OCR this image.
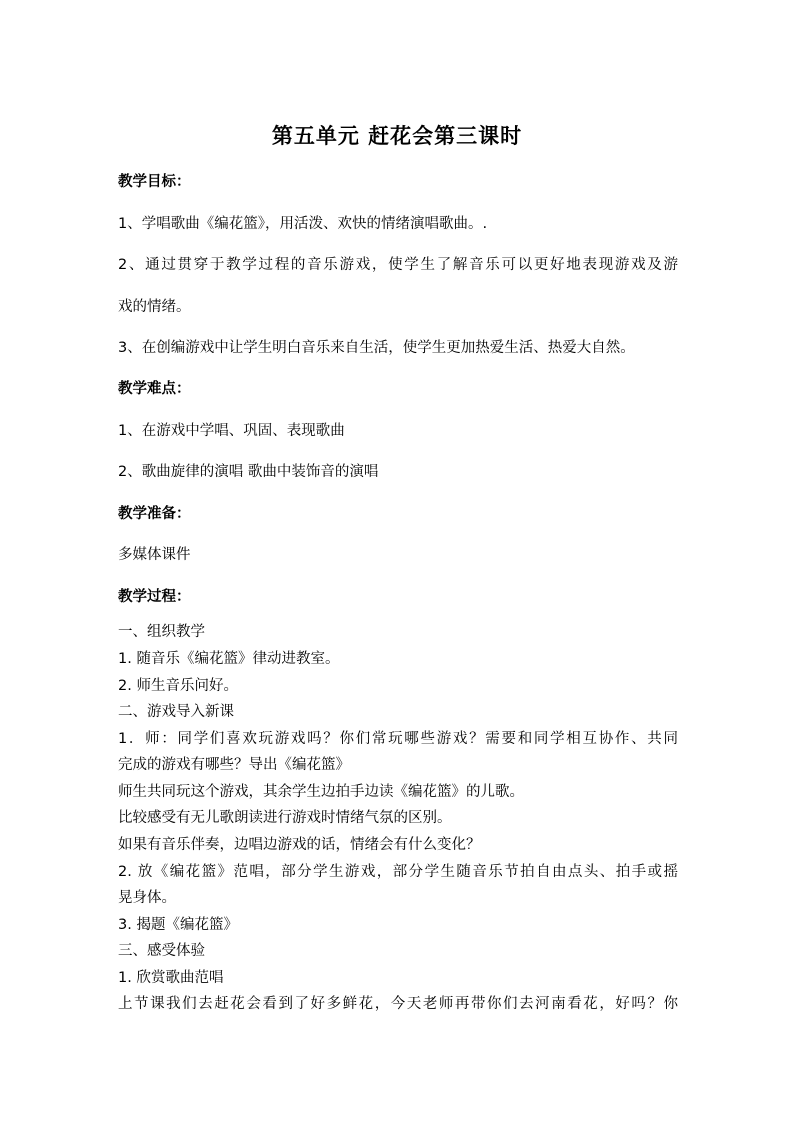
第五单元 赶花会第三课时
教学目标：
1、学唱歌曲《编花篮》，用活泼、欢快的情绪演唱歌曲。.
2、通过贯穿于教学过程的音乐游戏，使学生了解音乐可以更好地表现游戏及游
戏的情绪。
3、在创编游戏中让学生明白音乐来自生活，使学生更加热爱生活、热爱大自然。
教学难点：
1、在游戏中学唱、巩固、表现歌曲
2、歌曲旋律的演唱 歌曲中装饰音的演唱
教学准备：
多媒体课件
教学过程：
一、组织教学
1. 随音乐《编花篮》律动进教室。
2. 师生音乐问好。
二、游戏导入新课
1．师：同学们喜欢玩游戏吗？你们常玩哪些游戏？需要和同学相互协作、共同
完成的游戏有哪些？导出《编花篮》
师生共同玩这个游戏，其余学生边拍手边读《编花篮》的儿歌。
比较感受有无儿歌朗读进行游戏时情绪气氛的区别。
如果有音乐伴奏，边唱边游戏的话，情绪会有什么变化？
2. 放《编花篮》范唱，部分学生游戏，部分学生随音乐节拍自由点头、拍手或摇
晃身体。
3. 揭题《编花篮》
三、感受体验
1. 欣赏歌曲范唱
上节课我们去赶花会看到了好多鲜花，今天老师再带你们去河南看花，好吗？你
